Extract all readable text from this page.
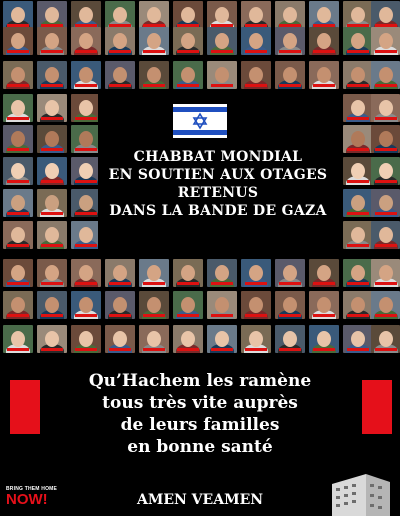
CHABBAT MONDIAL
EN SOUTIEN AUX OTAGES
RETENUS
DANS LA BANDE DE GAZA
Qu’Hachem les ramène
tous très vite auprès
de leurs familles
en bonne santé
BRING THEM HOME
NOW!	AMEN VEAMEN
